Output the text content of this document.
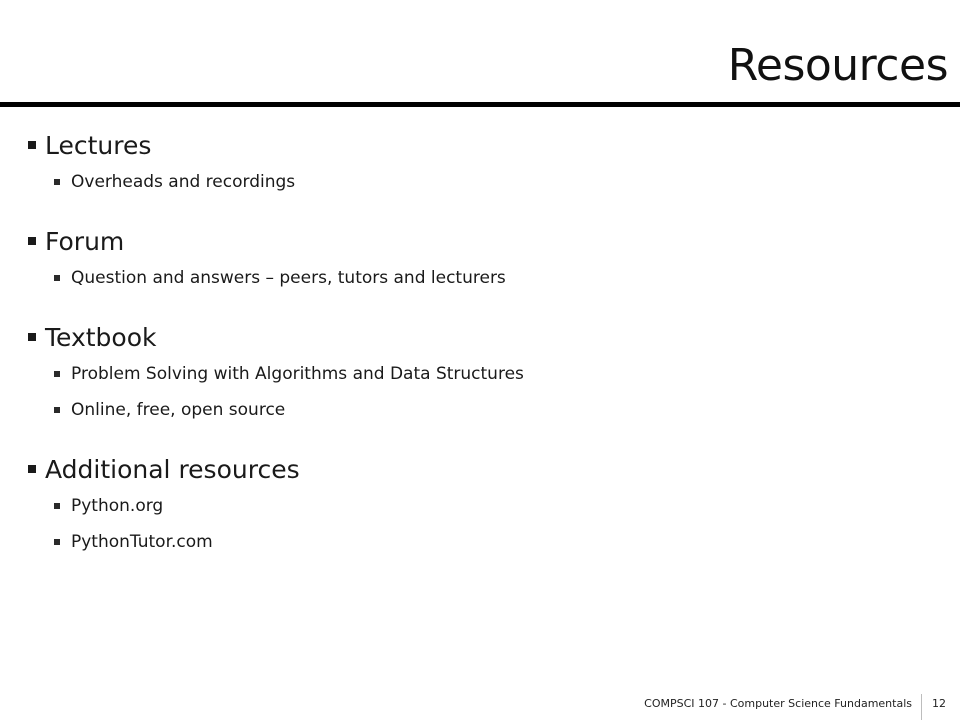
Resources
Lectures
Overheads and recordings
Forum
Question and answers – peers, tutors and lecturers
Textbook
Problem Solving with Algorithms and Data Structures
Online, free, open source
Additional resources
Python.org
PythonTutor.com
COMPSCI 107 - Computer Science Fundamentals 12
